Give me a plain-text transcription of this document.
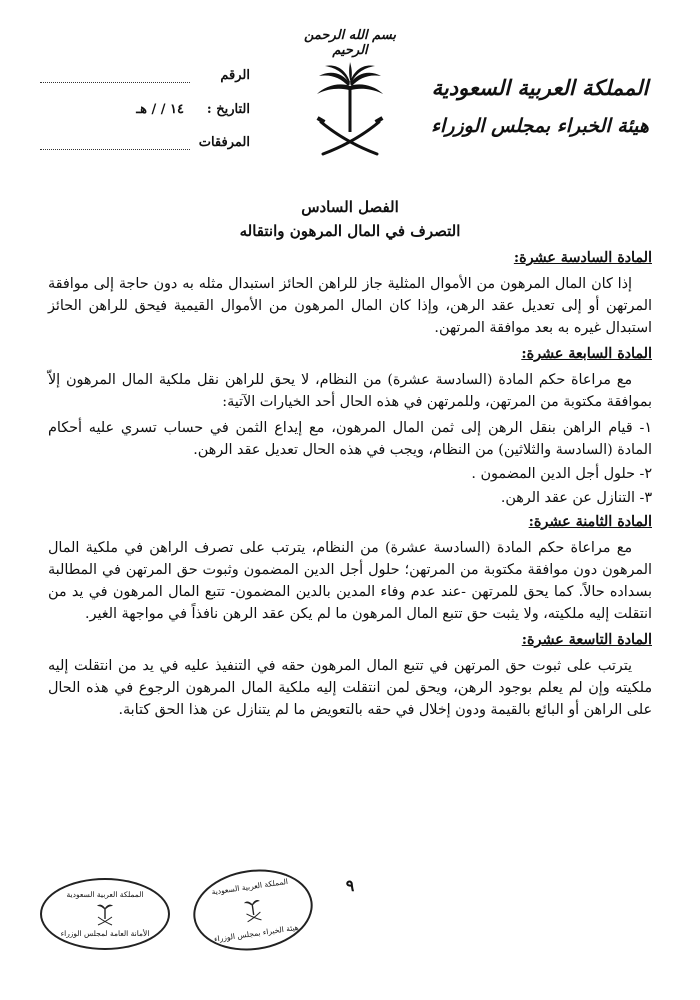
بسم الله الرحمن الرحيم
المملكة العربية السعودية
هيئة الخبراء بمجلس الوزراء
الرقم
التاريخ :
١٤ / / هـ
المرفقات
الفصل السادس
التصرف في المال المرهون وانتقاله
المادة السادسة عشرة:

إذا كان المال المرهون من الأموال المثلية جاز للراهن الحائز استبدال مثله به دون حاجة إلى موافقة المرتهن أو إلى تعديل عقد الرهن، وإذا كان المال المرهون من الأموال القيمية فيحق للراهن الحائز استبدال غيره به بعد موافقة المرتهن.

المادة السابعة عشرة:

مع مراعاة حكم المادة (السادسة عشرة) من النظام، لا يحق للراهن نقل ملكية المال المرهون إلاّ بموافقة مكتوبة من المرتهن، وللمرتهن في هذه الحال أحد الخيارات الآتية:

١- قيام الراهن بنقل الرهن إلى ثمن المال المرهون، مع إيداع الثمن في حساب تسري عليه أحكام المادة (السادسة والثلاثين) من النظام، ويجب في هذه الحال تعديل عقد الرهن.

٢- حلول أجل الدين المضمون .

٣- التنازل عن عقد الرهن.

المادة الثامنة عشرة:

مع مراعاة حكم المادة (السادسة عشرة) من النظام، يترتب على تصرف الراهن في ملكية المال المرهون دون موافقة مكتوبة من المرتهن؛ حلول أجل الدين المضمون وثبوت حق المرتهن في المطالبة بسداده حالاً. كما يحق للمرتهن -عند عدم وفاء المدين بالدين المضمون- تتبع المال المرهون في يد من انتقلت إليه ملكيته، ولا يثبت حق تتبع المال المرهون ما لم يكن عقد الرهن نافذاً في مواجهة الغير.

المادة التاسعة عشرة:

يترتب على ثبوت حق المرتهن في تتبع المال المرهون حقه في التنفيذ عليه في يد من انتقلت إليه ملكيته وإن لم يعلم بوجود الرهن، ويحق لمن انتقلت إليه ملكية المال المرهون الرجوع في هذه الحال على الراهن أو البائع بالقيمة ودون إخلال في حقه بالتعويض ما لم يتنازل عن هذا الحق كتابة.

٩
المملكة العربية السعودية
الأمانة العامة لمجلس الوزراء
المملكة العربية السعودية
هيئة الخبراء بمجلس الوزراء
